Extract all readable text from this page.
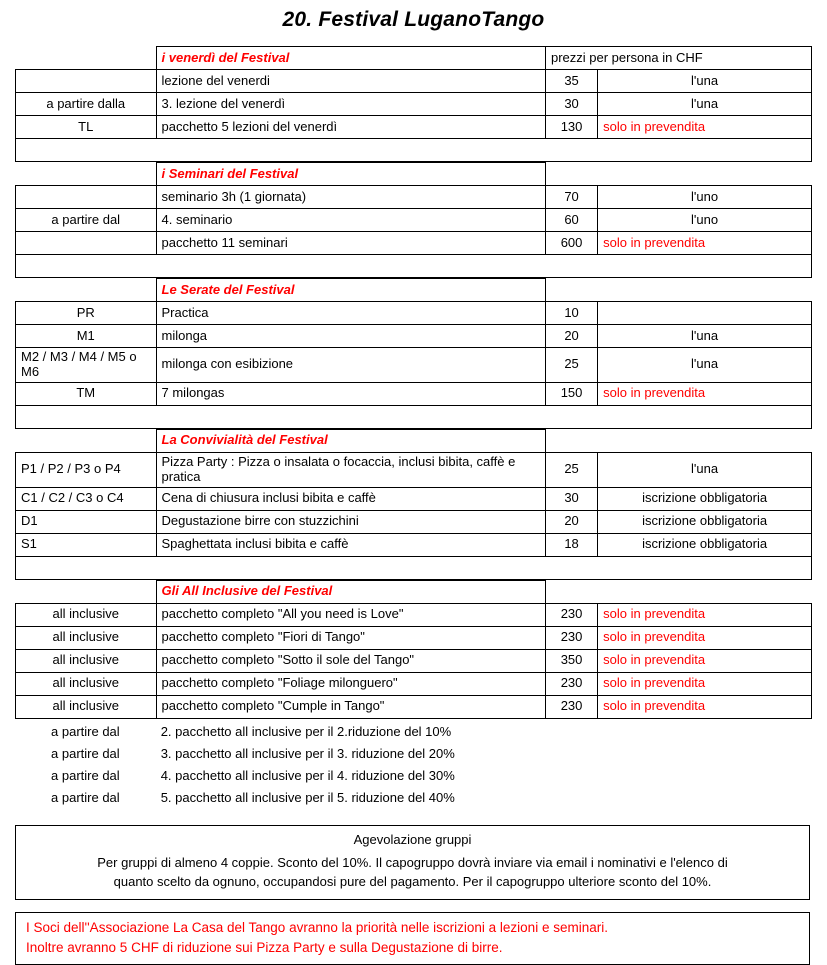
20. Festival LuganoTango
	i venerdì del Festival	prezzi per persona in CHF	
	lezione del venerdi	35	l'una
a partire dalla	3. lezione del venerdì	30	l'una
TL	pacchetto 5 lezioni del venerdì	130	solo in prevendita

	i Seminari del Festival		
	seminario 3h (1 giornata)	70	l'uno
a partire dal	4. seminario	60	l'uno
	pacchetto 11 seminari	600	solo in prevendita

	Le Serate del Festival		
PR	Practica	10	
M1	milonga	20	l'una
M2 / M3 / M4 / M5 o M6	milonga con esibizione	25	l'una
TM	7 milongas	150	solo in prevendita

	La Convivialità del Festival		
P1 / P2 / P3 o P4	Pizza Party : Pizza o insalata o focaccia, inclusi bibita, caffè e pratica	25	l'una
C1 / C2 / C3 o C4	Cena di chiusura inclusi bibita e caffè	30	iscrizione obbligatoria
D1	Degustazione birre con stuzzichini	20	iscrizione obbligatoria
S1	Spaghettata inclusi bibita e caffè	18	iscrizione obbligatoria

	Gli All Inclusive del Festival		
all inclusive	pacchetto completo "All you need is Love"	230	solo in prevendita
all inclusive	pacchetto completo "Fiori di Tango"	230	solo in prevendita
all inclusive	pacchetto completo "Sotto il sole del Tango"	350	solo in prevendita
all inclusive	pacchetto completo "Foliage milonguero"	230	solo in prevendita
all inclusive	pacchetto completo "Cumple in Tango"	230	solo in prevendita
a partire dal	2. pacchetto all inclusive per il 2.riduzione del 10%
a partire dal	3. pacchetto all inclusive per il 3. riduzione del 20%
a partire dal	4. pacchetto all inclusive per il 4. riduzione del 30%
a partire dal	5. pacchetto all inclusive per il 5. riduzione del 40%
Agevolazione gruppi
Per gruppi di almeno 4 coppie. Sconto del 10%. Il capogruppo dovrà inviare via email i nominativi e l'elenco di
quanto scelto da ognuno, occupandosi pure del pagamento. Per il capogruppo ulteriore sconto del 10%.
I Soci dell''Associazione La Casa del Tango avranno la priorità nelle iscrizioni a lezioni e seminari.
Inoltre avranno 5 CHF di riduzione sui Pizza Party e sulla Degustazione di birre.
